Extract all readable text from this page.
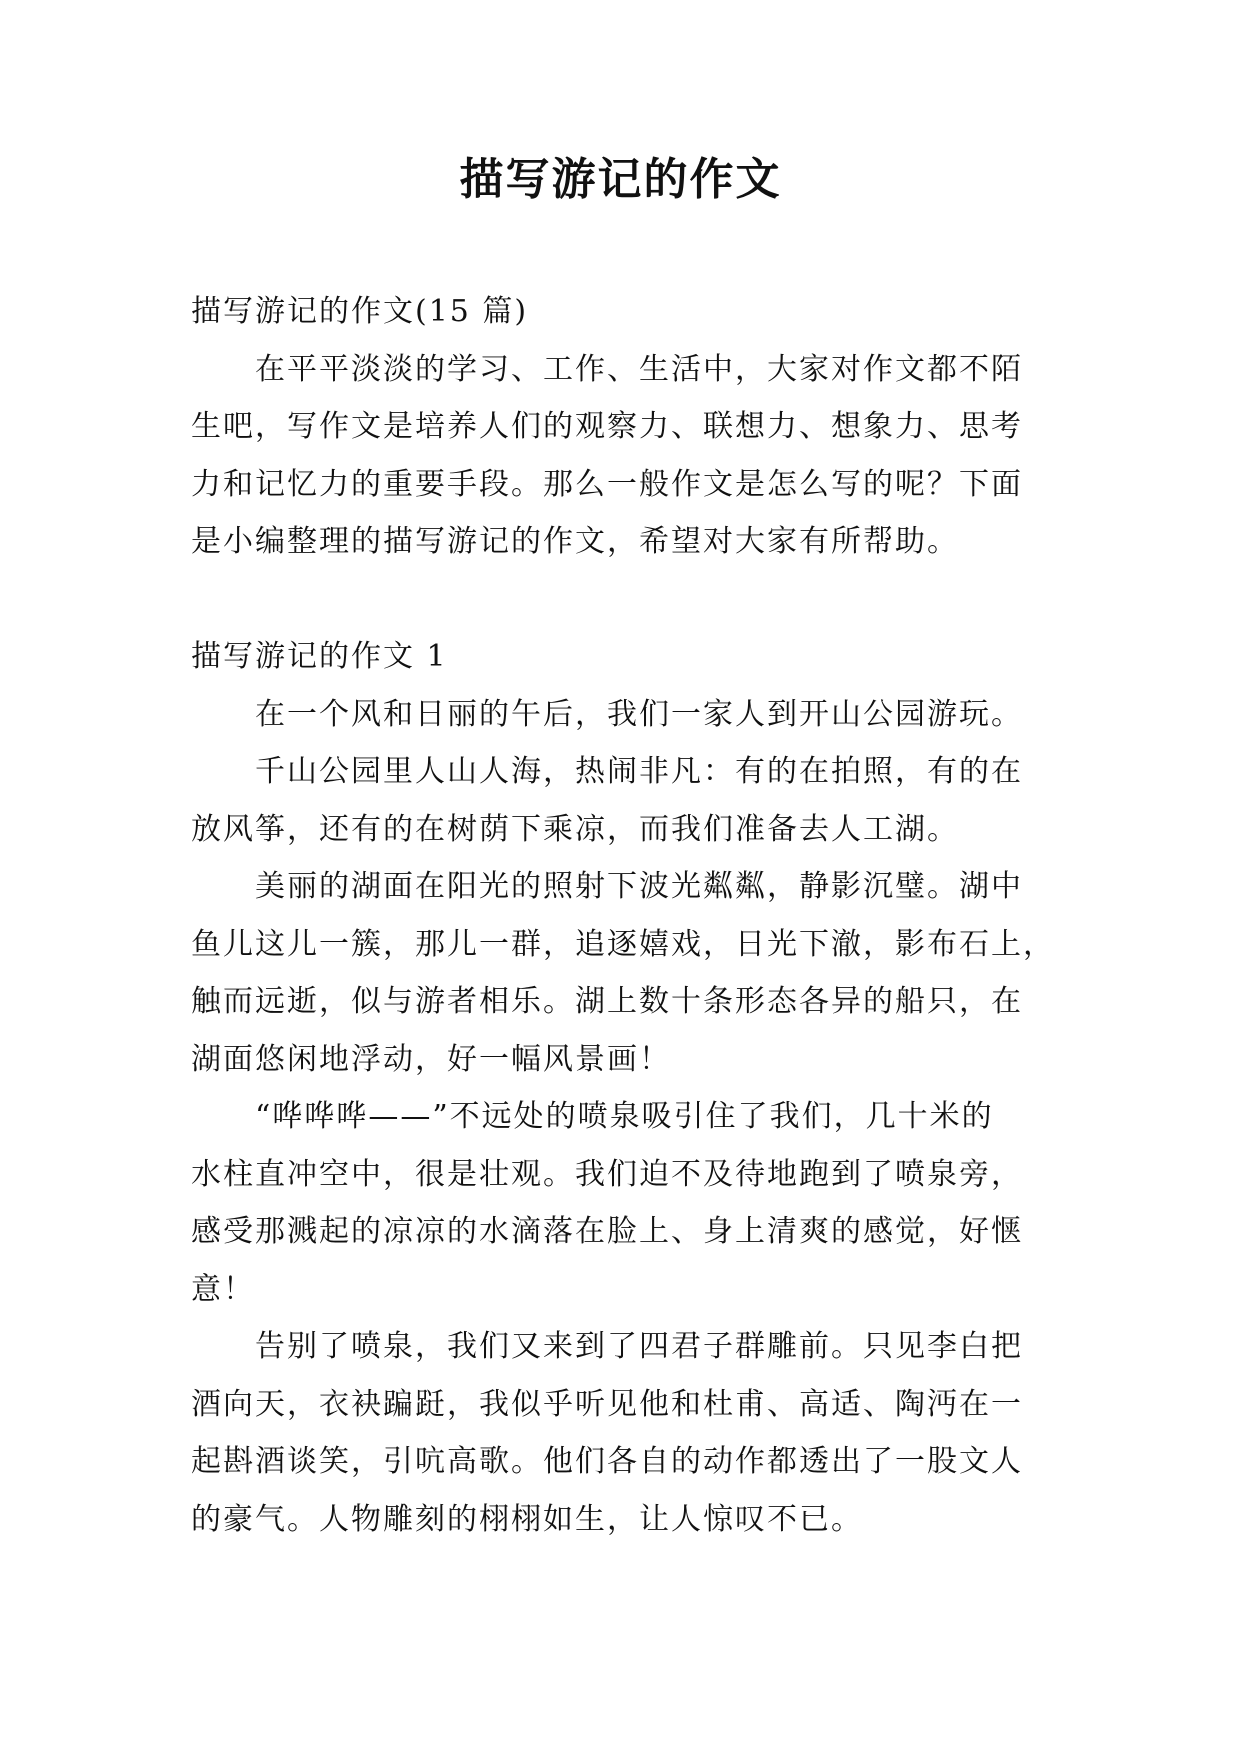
描写游记的作文
描写游记的作文(15 篇)
在平平淡淡的学习、工作、生活中，大家对作文都不陌
生吧，写作文是培养人们的观察力、联想力、想象力、思考
力和记忆力的重要手段。那么一般作文是怎么写的呢？下面
是小编整理的描写游记的作文，希望对大家有所帮助。
描写游记的作文 1
在一个风和日丽的午后，我们一家人到开山公园游玩。
千山公园里人山人海，热闹非凡：有的在拍照，有的在
放风筝，还有的在树荫下乘凉，而我们准备去人工湖。
美丽的湖面在阳光的照射下波光粼粼，静影沉璧。湖中
鱼儿这儿一簇，那儿一群，追逐嬉戏，日光下澈，影布石上，
触而远逝，似与游者相乐。湖上数十条形态各异的船只，在
湖面悠闲地浮动，好一幅风景画！
“哗哗哗——”不远处的喷泉吸引住了我们，几十米的
水柱直冲空中，很是壮观。我们迫不及待地跑到了喷泉旁，
感受那溅起的凉凉的水滴落在脸上、身上清爽的感觉，好惬
意！
告别了喷泉，我们又来到了四君子群雕前。只见李白把
酒向天，衣袂蹁跹，我似乎听见他和杜甫、高适、陶沔在一
起斟酒谈笑，引吭高歌。他们各自的动作都透出了一股文人
的豪气。人物雕刻的栩栩如生，让人惊叹不已。
